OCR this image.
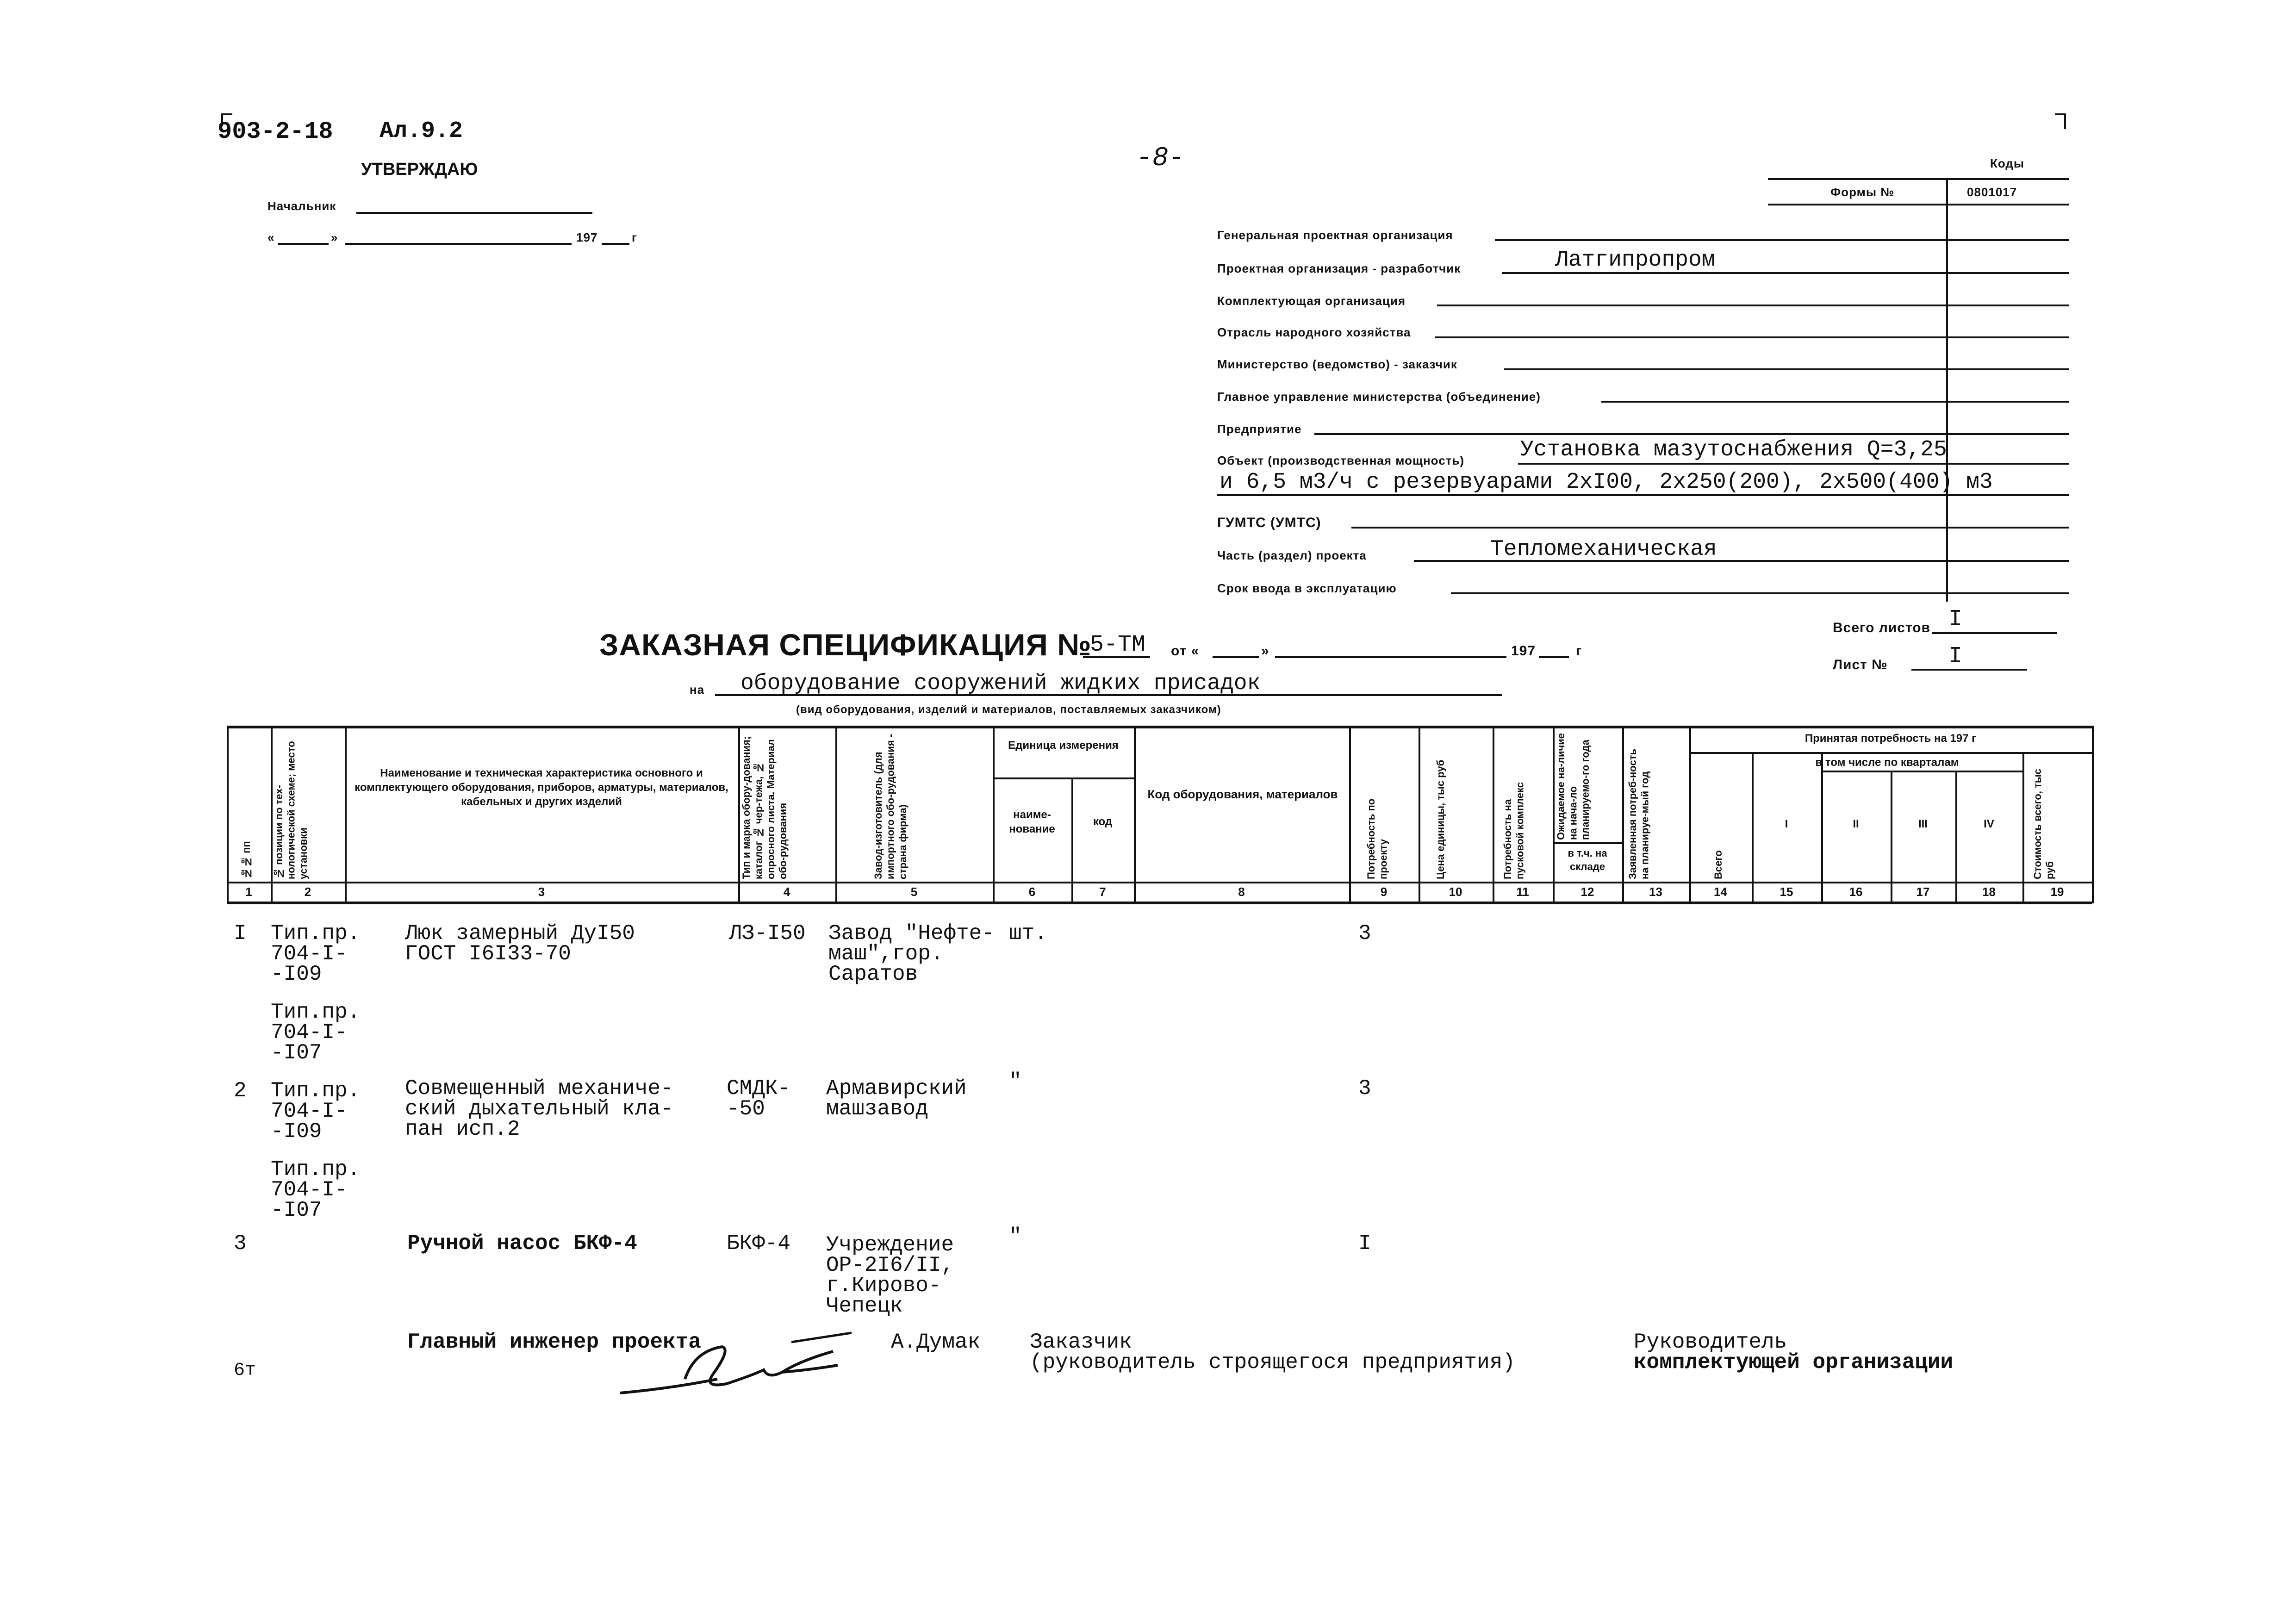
903-2-18 Ал.9.2
УТВЕРЖДАЮ
Начальник
«	»	197	г
-8-	Коды
Формы №	0801017
Генеральная проектная организация
Проектная организация - разработчик	Латгипропром
Комплектующая организация
Отрасль народного хозяйства
Министерство (ведомство) - заказчик
Главное управление министерства (объединение)
Предприятие
Объект (производственная мощность)	Установка мазутоснабжения Q=3,25
и 6,5 м3/ч с резервуарами 2хI00, 2х250(200), 2х500(400) м3
ГУМТС (УМТС)
Часть (раздел) проекта	Тепломеханическая
Срок ввода в эксплуатацию
ЗАКАЗНАЯ СПЕЦИФИКАЦИЯ №
5-ТМ от «	»	197	г
на оборудование сооружений жидких присадок
(вид оборудования, изделий и материалов, поставляемых заказчиком)
Всего листов I
Лист №	I
№№ пп № позиции по тех-нологической схеме; место установки
Наименование и техническая характеристика основного и комплектующего оборудования, приборов, арматуры, материалов, кабельных и других изделий	Тип и марка обору-дования; каталог № чер-тежа, № опросного листа. Материал обо-рудования	Завод-изготовитель (для импортного обо-рудования - страна фирма)
Единица измерения
наиме-нование
код
Код оборудования, материалов
Потребность по проекту	Цена единицы, тыс руб	Потребность на пусковой комплекс	Ожидаемое на-личие на нача-ло планируемо-го года
в т.ч. на складе	Заявленная потреб-ность на планируе-мый год
Принятая потребность на 197 г
Всего
в том числе по кварталам
I	II	III	IV	Стоимость всего, тыс руб
1	2	3	4	5	6	7	8	9	10	11	12	13	14	15	16	17	18	19
I Тип.пр.
704-I-
-I09
Тип.пр.
704-I-
-I07
Люк замерный ДуI50
ГОСТ I6I33-70
ЛЗ-I50 Завод "Нефте-
маш",гор.
Саратов
шт.	3
2 Тип.пр.
704-I-
-I09
Тип.пр.
704-I-
-I07
Совмещенный механиче-
ский дыхательный кла-
пан исп.2
СМДК-
-50
Армавирский
машзавод
"	3
3	Ручной насос БКФ-4	БКФ-4 Учреждение
ОР-2I6/II,
г.Кирово-
Чепецк
"	I
Главный инженер проекта	А.Думак Заказчик
(руководитель строящегося предприятия)
Руководитель
комплектующей организации
6т
